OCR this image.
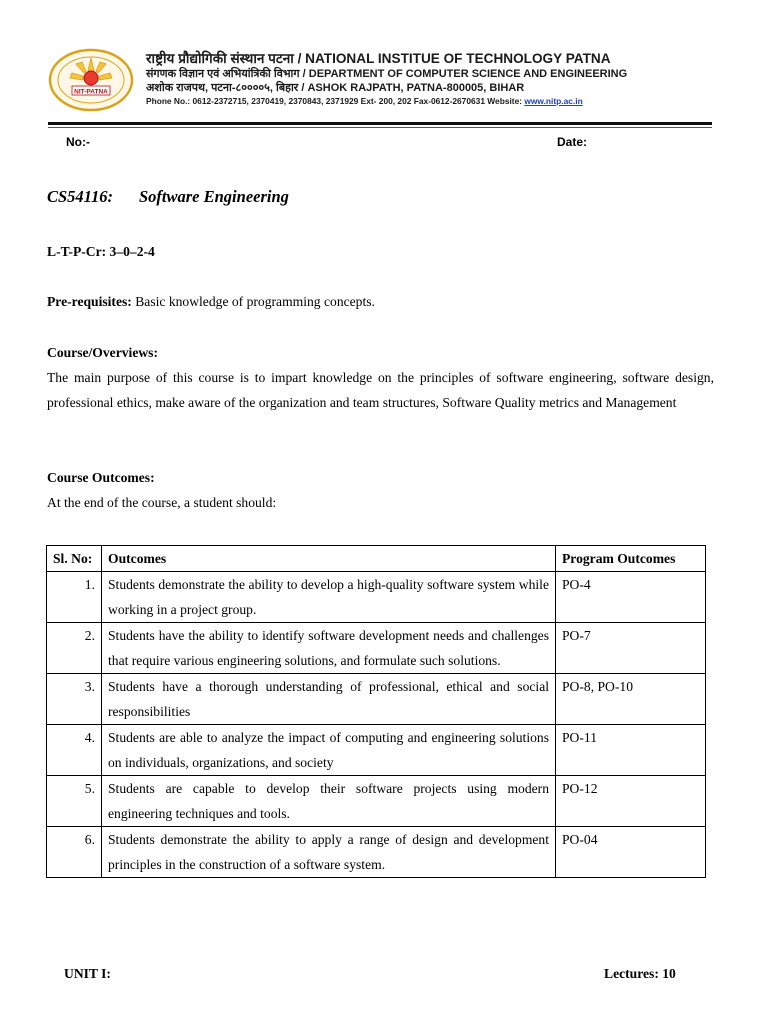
NIT-PATNA
राष्ट्रीय प्रौद्योगिकी संस्थान पटना / NATIONAL INSTITUE OF TECHNOLOGY PATNA
संगणक विज्ञान एवं अभियांत्रिकी विभाग / DEPARTMENT OF COMPUTER SCIENCE AND ENGINEERING
अशोक राजपथ, पटना-८००००५, बिहार / ASHOK RAJPATH, PATNA-800005, BIHAR
Phone No.: 0612-2372715, 2370419, 2370843, 2371929 Ext- 200, 202 Fax-0612-2670631 Website: www.nitp.ac.in
No:-	Date:
CS54116: Software Engineering
L-T-P-Cr: 3–0–2-4
Pre-requisites: Basic knowledge of programming concepts.
Course/Overviews:
The main purpose of this course is to impart knowledge on the principles of software engineering, software design, professional ethics, make aware of the organization and team structures, Software Quality metrics and Management
Course Outcomes:
At the end of the course, a student should:
Sl. No:	Outcomes	Program Outcomes
1.	Students demonstrate the ability to develop a high-quality software system while working in a project group.	PO-4
2.	Students have the ability to identify software development needs and challenges that require various engineering solutions, and formulate such solutions.	PO-7
3.	Students have a thorough understanding of professional, ethical and social responsibilities	PO-8, PO-10
4.	Students are able to analyze the impact of computing and engineering solutions on individuals, organizations, and society	PO-11
5.	Students are capable to develop their software projects using modern engineering techniques and tools.	PO-12
6.	Students demonstrate the ability to apply a range of design and development principles in the construction of a software system.	PO-04
UNIT I:	Lectures: 10
